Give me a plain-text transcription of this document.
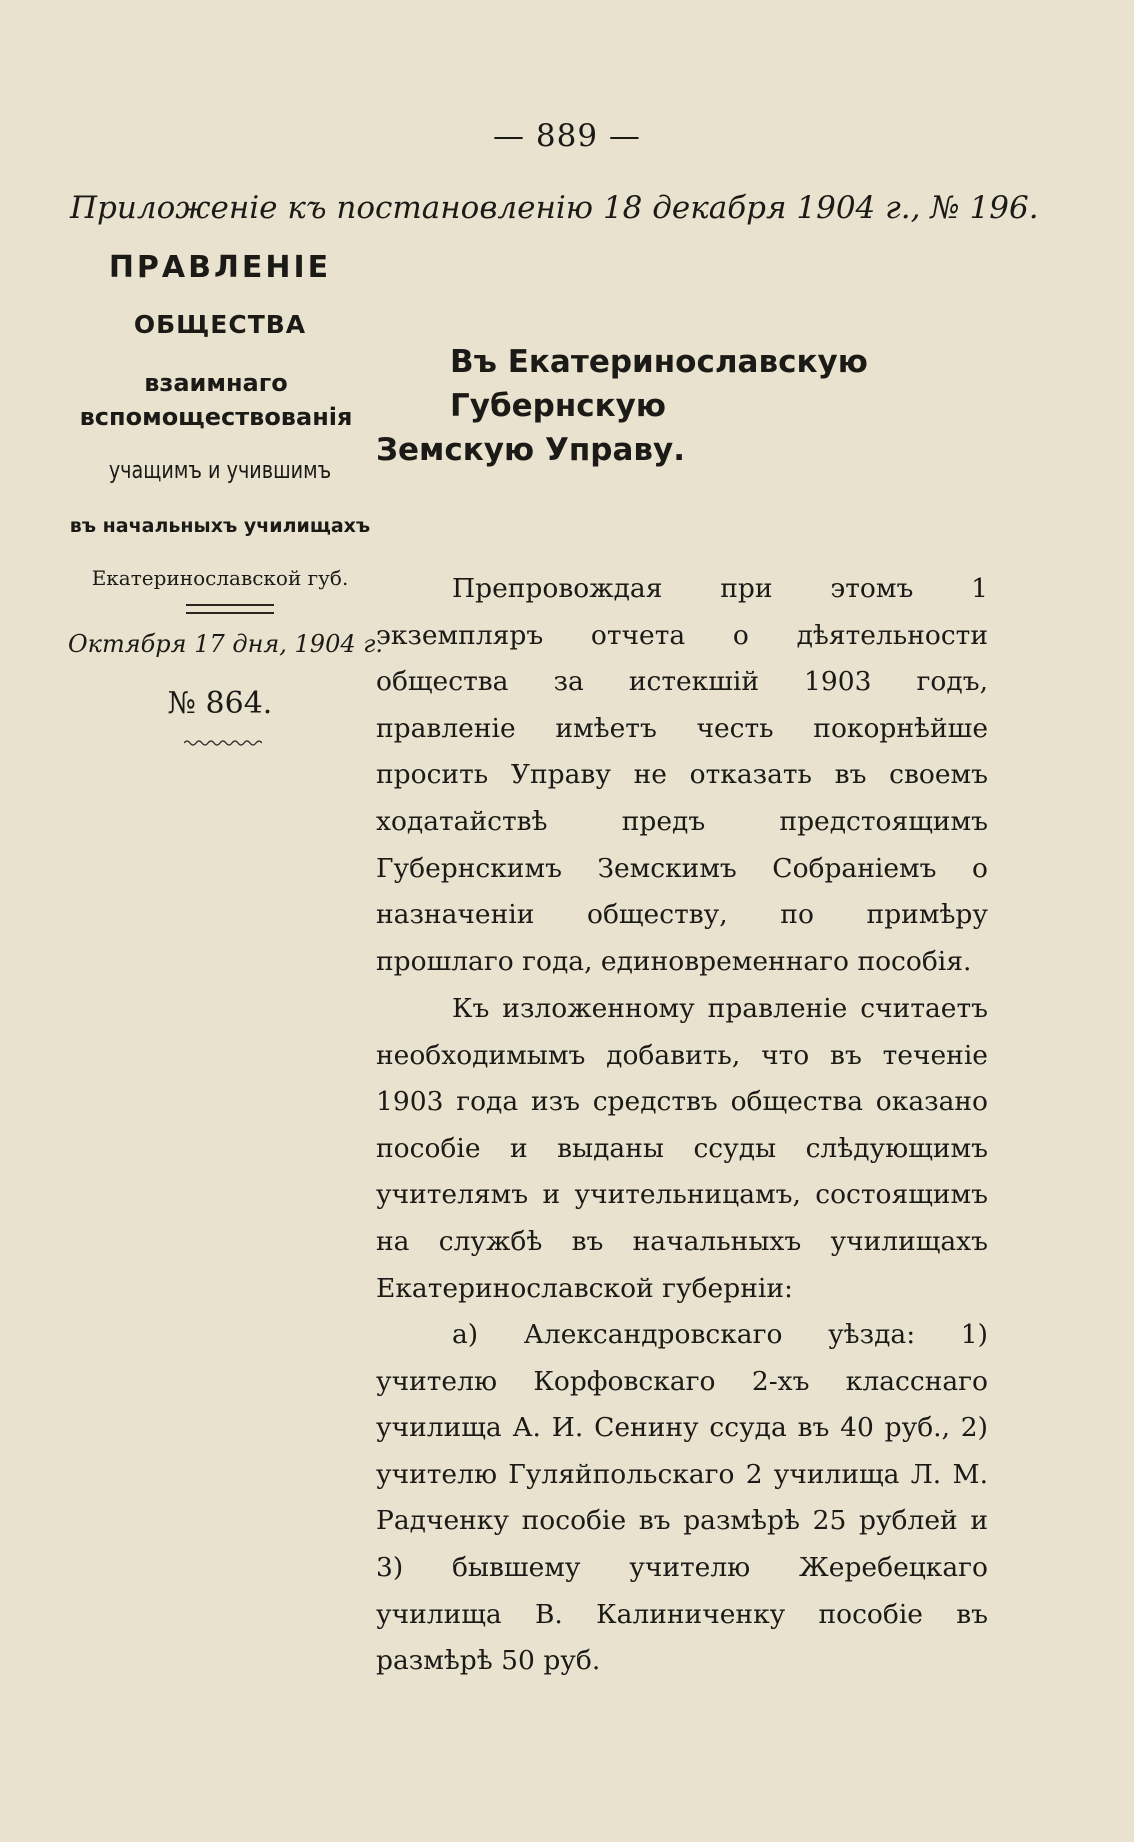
— 889 —
Приложеніе къ постановленію 18 декабря 1904 г., № 196.
ПРАВЛЕНІЕ
ОБЩЕСТВА
взаимнаго вспомоществованія
учащимъ и учившимъ
въ начальныхъ училищахъ
Екатеринославской губ.
Октября 17 дня, 1904 г.
№ 864.
Въ Екатеринославскую Губернскую
Земскую Управу.

Препровождая при этомъ 1 экземпляръ отчета о дѣятельности общества за истекшій 1903 годъ, правленіе имѣетъ честь покорнѣйше просить Управу не отказать въ своемъ ходатайствѣ предъ предстоящимъ Губернскимъ Земскимъ Собраніемъ о назначеніи обществу, по примѣру прошлаго года, единовременнаго пособія.

Къ изложенному правленіе считаетъ необходимымъ добавить, что въ теченіе 1903 года изъ средствъ общества оказано пособіе и выданы ссуды слѣдующимъ учителямъ и учительницамъ, состоящимъ на службѣ въ начальныхъ училищахъ Екатеринославской губерніи:

а) Александровскаго уѣзда: 1) учителю Корфовскаго 2-хъ класснаго училища А. И. Сенину ссуда въ 40 руб., 2) учителю Гуляйпольскаго 2 училища Л. М. Радченку пособіе въ размѣрѣ 25 рублей и 3) бывшему учителю Жеребецкаго училища В. Калиниченку пособіе въ размѣрѣ 50 руб.
